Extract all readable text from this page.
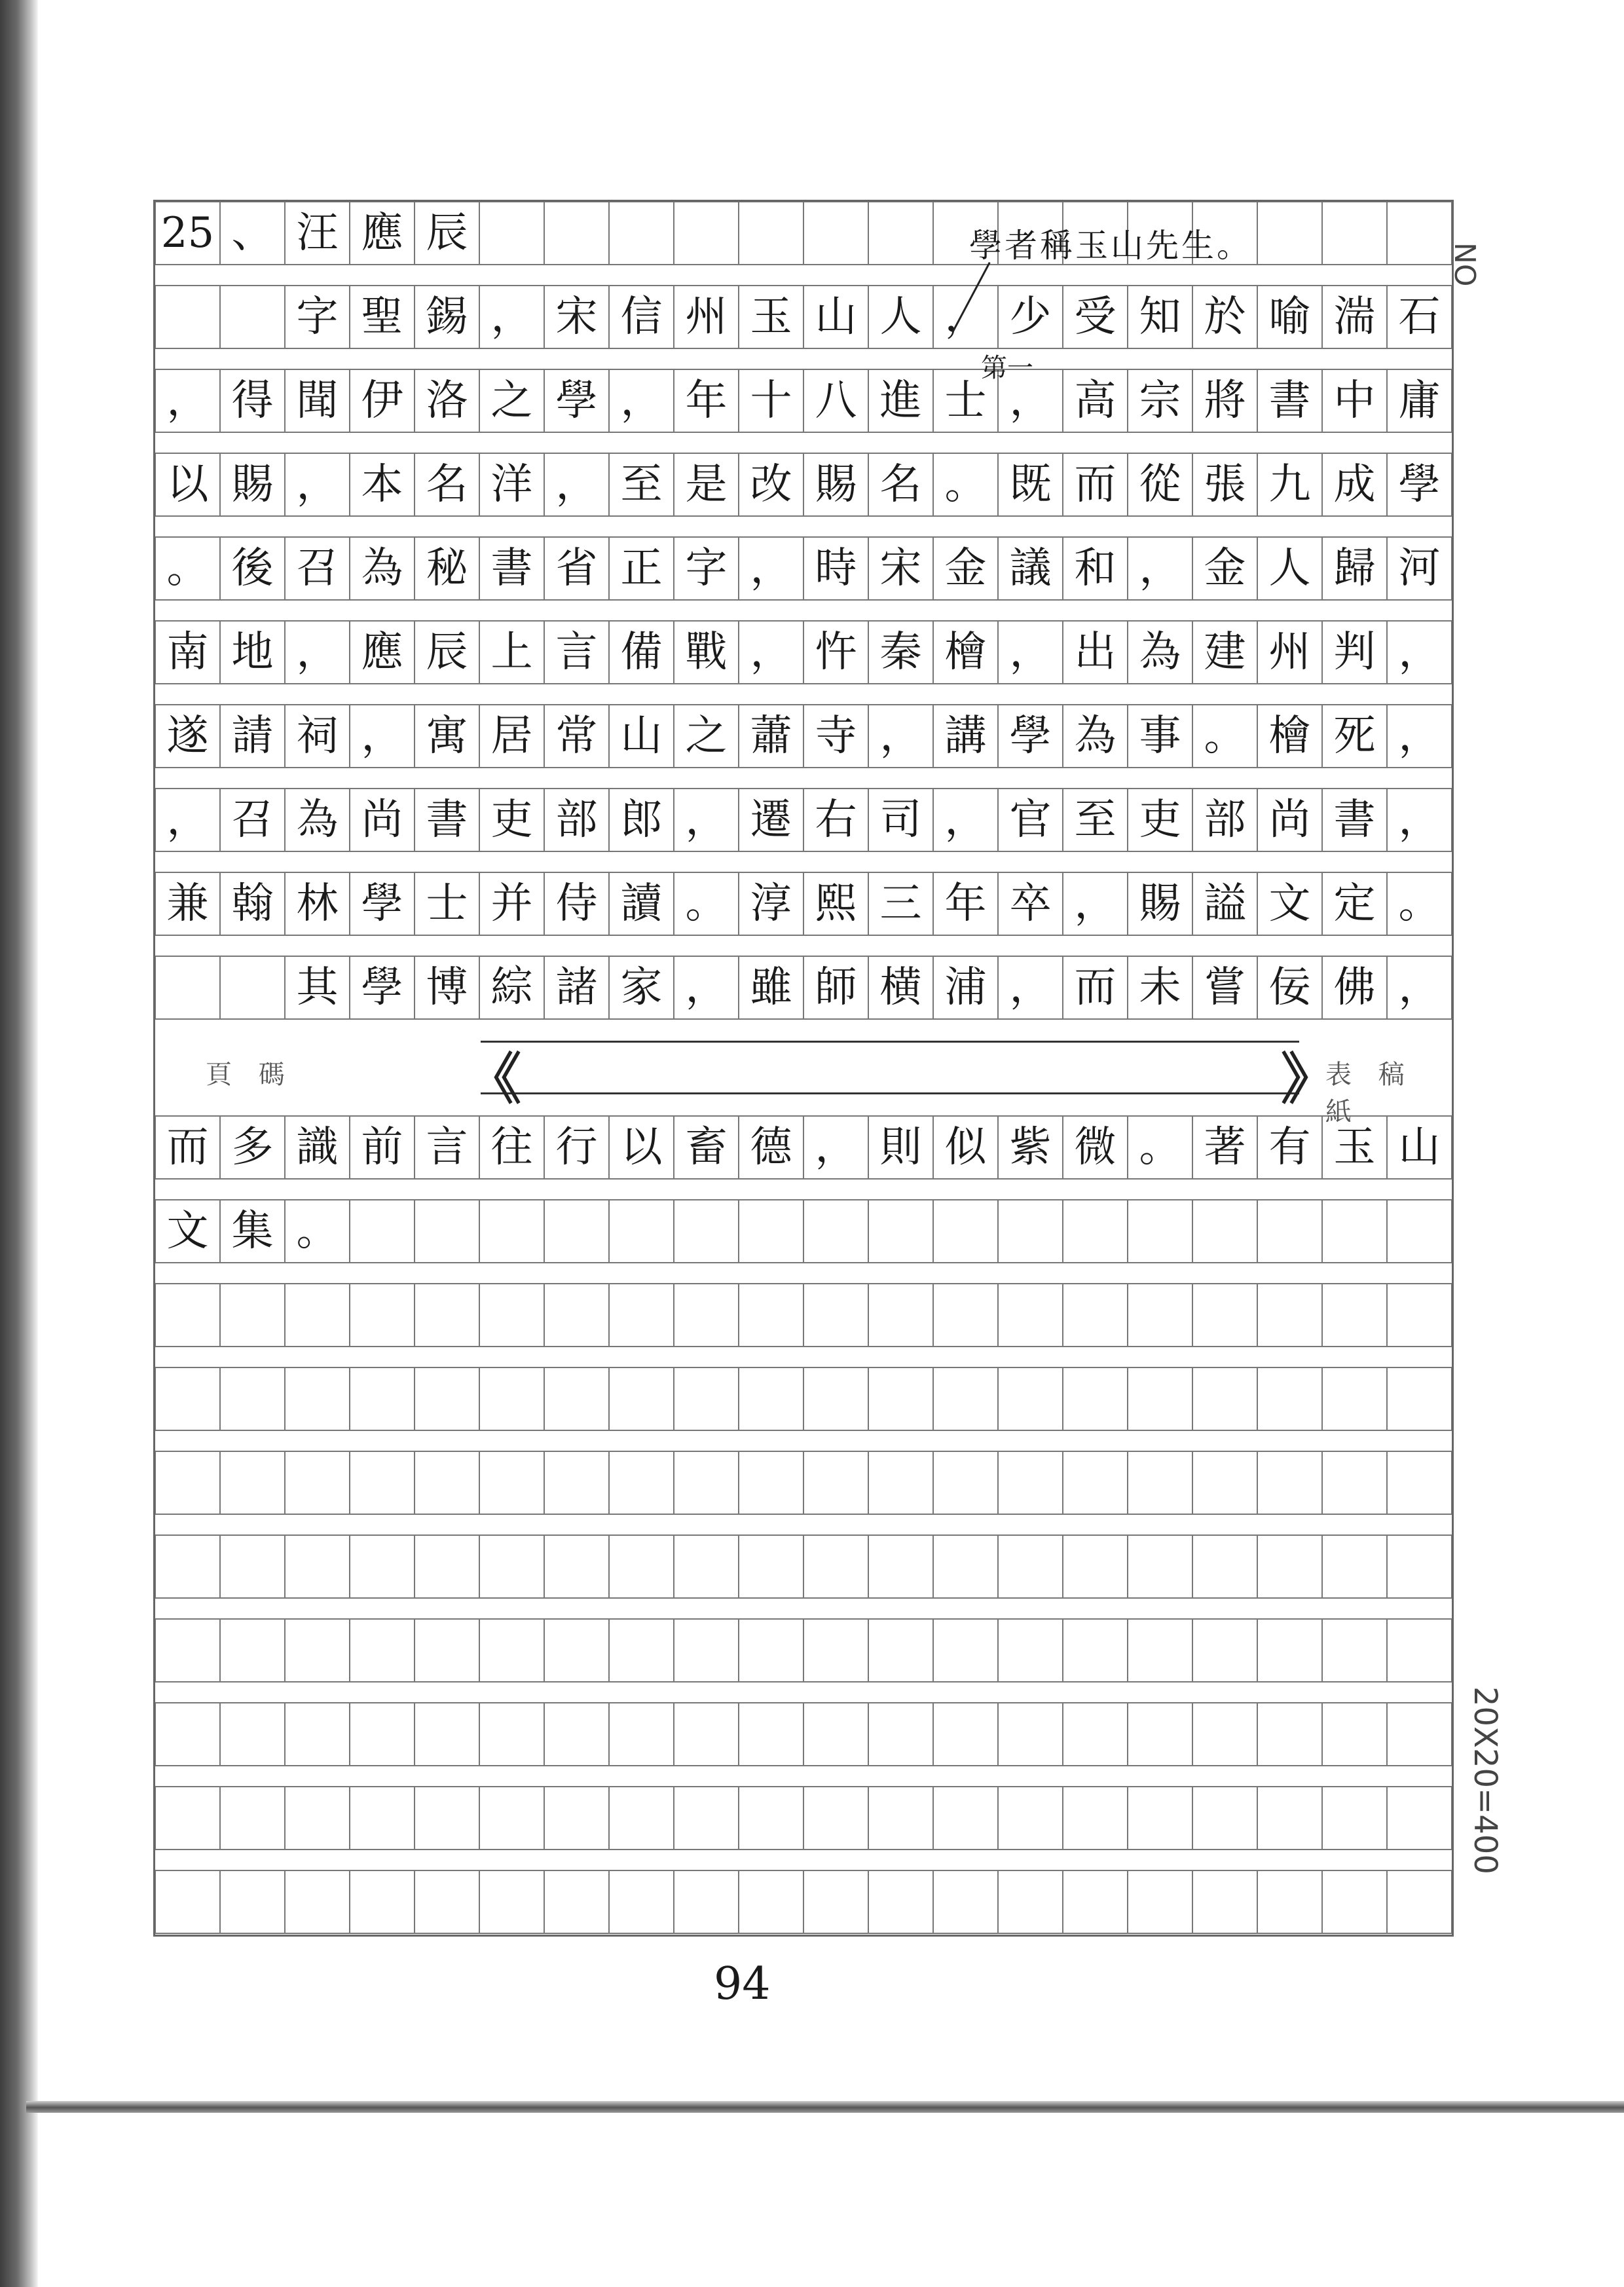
25 、 汪 應 辰
字 聖 錫 ， 宋 信 州 玉 山 人 ， 少 受 知 於 喻 湍 石
， 得 聞 伊 洛 之 學 ， 年 十 八 進 士 ， 高 宗 將 書 中 庸
以 賜 ， 本 名 洋 ， 至 是 改 賜 名 。 既 而 從 張 九 成 學
。 後 召 為 秘 書 省 正 字 ， 時 宋 金 議 和 ， 金 人 歸 河
南 地 ， 應 辰 上 言 備 戰 ， 忤 秦 檜 ， 出 為 建 州 判 ，
遂 請 祠 ， 寓 居 常 山 之 蕭 寺 ， 講 學 為 事 。 檜 死 ，
， 召 為 尚 書 吏 部 郎 ， 遷 右 司 ， 官 至 吏 部 尚 書 ，
兼 翰 林 學 士 并 侍 讀 。 淳 熙 三 年 卒 ， 賜 謚 文 定 。
其 學 博 綜 諸 家 ， 雖 師 横 浦 ， 而 未 嘗 佞 佛 ，
而 多 識 前 言 往 行 以 畜 德 ， 則 似 紫 微 。 著 有 玉 山
文 集 。
學者稱玉山先生。
第一
頁 碼	《	》
表 稿 紙
NO
20X20=400
94
